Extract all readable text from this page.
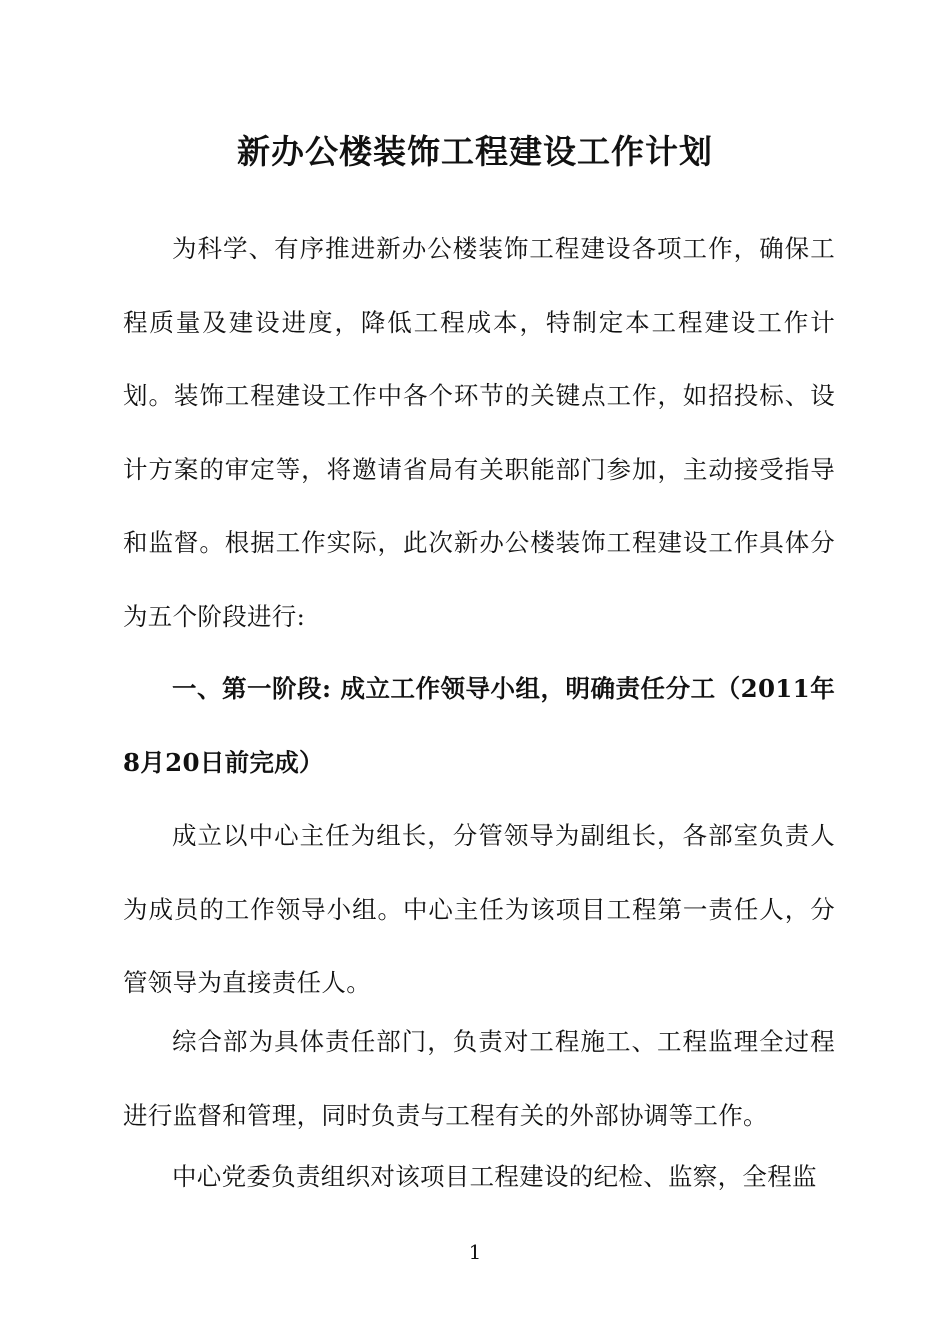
新办公楼装饰工程建设工作计划

为科学、有序推进新办公楼装饰工程建设各项工作，确保工程质量及建设进度，降低工程成本，特制定本工程建设工作计划。装饰工程建设工作中各个环节的关键点工作，如招投标、设计方案的审定等，将邀请省局有关职能部门参加，主动接受指导和监督。根据工作实际，此次新办公楼装饰工程建设工作具体分为五个阶段进行:

一、第一阶段: 成立工作领导小组，明确责任分工（2011年8月20日前完成）

成立以中心主任为组长，分管领导为副组长，各部室负责人为成员的工作领导小组。中心主任为该项目工程第一责任人，分管领导为直接责任人。

综合部为具体责任部门，负责对工程施工、工程监理全过程进行监督和管理，同时负责与工程有关的外部协调等工作。

中心党委负责组织对该项目工程建设的纪检、监察，全程监

1
